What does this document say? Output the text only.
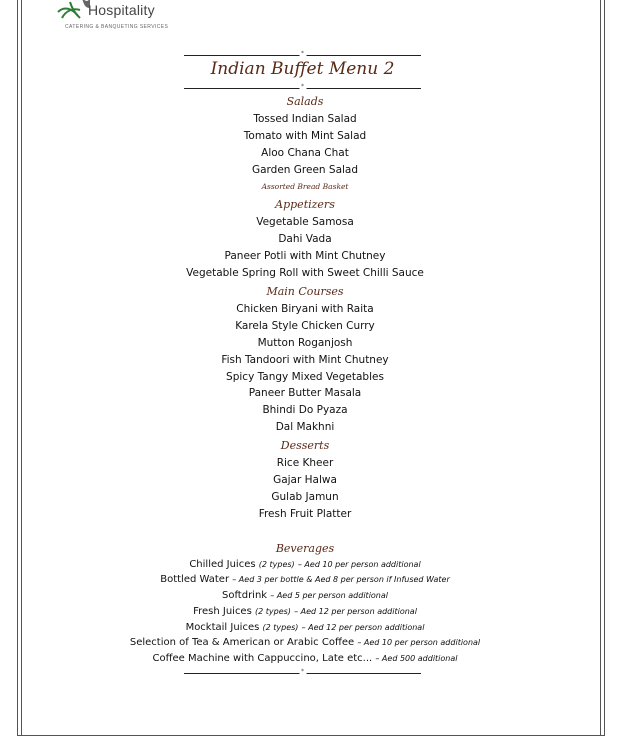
Hospitality
CATERING & BANQUETING SERVICES
*
Indian Buffet Menu 2
*
Salads
Tossed Indian Salad
Tomato with Mint Salad
Aloo Chana Chat
Garden Green Salad
Assorted Bread Basket
Appetizers
Vegetable Samosa
Dahi Vada
Paneer Potli with Mint Chutney
Vegetable Spring Roll with Sweet Chilli Sauce
Main Courses
Chicken Biryani with Raita
Karela Style Chicken Curry
Mutton Roganjosh
Fish Tandoori with Mint Chutney
Spicy Tangy Mixed Vegetables
Paneer Butter Masala
Bhindi Do Pyaza
Dal Makhni
Desserts
Rice Kheer
Gajar Halwa
Gulab Jamun
Fresh Fruit Platter
Beverages
Chilled Juices (2 types) – Aed 10 per person additional
Bottled Water – Aed 3 per bottle & Aed 8 per person if Infused Water
Softdrink – Aed 5 per person additional
Fresh Juices (2 types) – Aed 12 per person additional
Mocktail Juices (2 types) – Aed 12 per person additional
Selection of Tea & American or Arabic Coffee – Aed 10 per person additional
Coffee Machine with Cappuccino, Late etc... – Aed 500 additional
*
